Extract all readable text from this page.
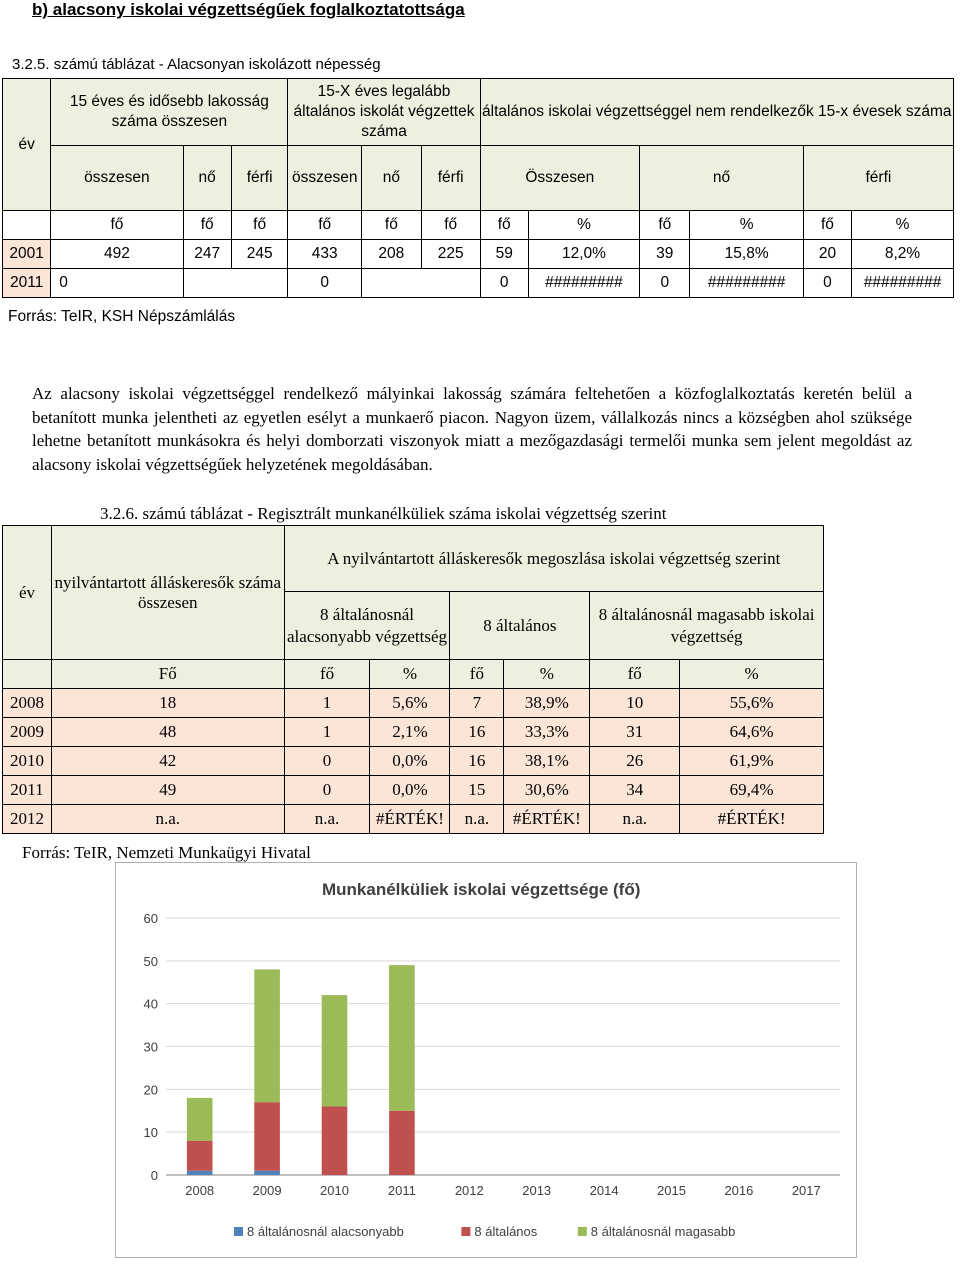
b) alacsony iskolai végzettségűek foglalkoztatottsága
3.2.5. számú táblázat - Alacsonyan iskolázott népesség
év	15 éves és idősebb lakosság száma összesen			15-X éves legalább általános iskolát végzettek száma			általános iskolai végzettséggel nem rendelkezők 15-x évesek száma					
	összesen	nő	férfi	összesen	nő	férfi	Összesen		nő		férfi	
	fő	fő	fő	fő	fő	fő	fő	%	fő	%	fő	%
2001	492	247	245	433	208	225	59	12,0%	39	15,8%	20	8,2%
2011	0			0			0	#########	0	#########	0	#########
Forrás: TeIR, KSH Népszámlálás
Az alacsony iskolai végzettséggel rendelkező mályinkai lakosság számára feltehetően a közfoglalkoztatás keretén belül a betanított munka jelentheti az egyetlen esélyt a munkaerő piacon. Nagyon üzem, vállalkozás nincs a községben ahol szüksége lehetne betanított munkásokra és helyi domborzati viszonyok miatt a mezőgazdasági termelői munka sem jelent megoldást az alacsony iskolai végzettségűek helyzetének megoldásában.
3.2.6. számú táblázat - Regisztrált munkanélküliek száma iskolai végzettség szerint
év	nyilvántartott álláskeresők száma összesen	A nyilvántartott álláskeresők megoszlása iskolai végzettség szerint					
		8 általánosnál alacsonyabb végzettség		8 általános		8 általánosnál magasabb iskolai végzettség	
	Fő	fő	%	fő	%	fő	%
2008	18	1	5,6%	7	38,9%	10	55,6%
2009	48	1	2,1%	16	33,3%	31	64,6%
2010	42	0	0,0%	16	38,1%	26	61,9%
2011	49	0	0,0%	15	30,6%	34	69,4%
2012	n.a.	n.a.	#ÉRTÉK!	n.a.	#ÉRTÉK!	n.a.	#ÉRTÉK!
Forrás: TeIR, Nemzeti Munkaügyi Hivatal
Munkanélküliek iskolai végzettsége (fő)
0
10
20
30
40
50
60
2008	2009	2010	2011	2012	2013	2014	2015	2016	2017
8 általánosnál alacsonyabb	8 általános	8 általánosnál magasabb
